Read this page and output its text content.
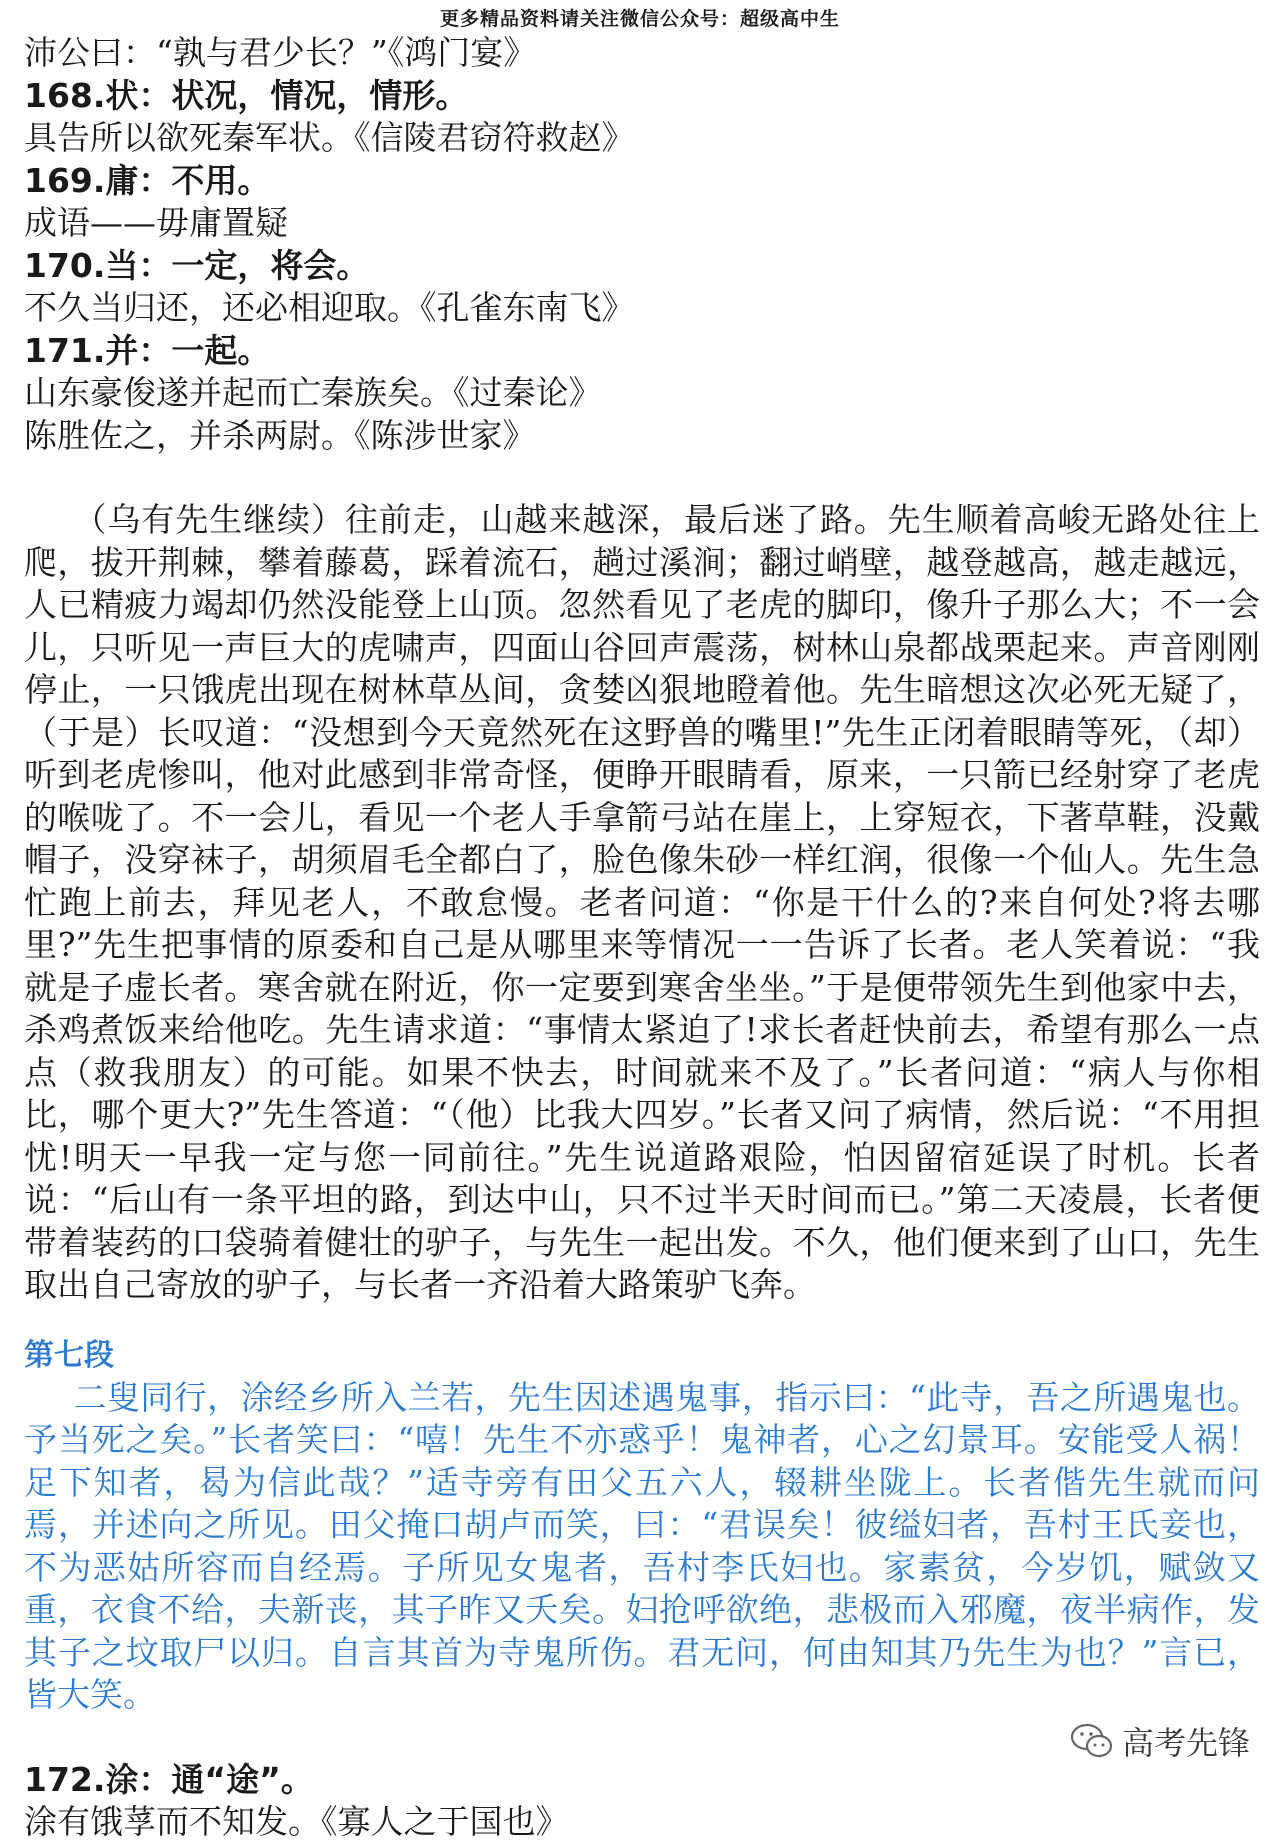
更多精品资料请关注微信公众号：超级高中生
沛公曰：“孰与君少长？”《鸿门宴》
168.状：状况，情况，情形。
具告所以欲死秦军状。《信陵君窃符救赵》
169.庸：不用。
成语——毋庸置疑
170.当：一定，将会。
不久当归还，还必相迎取。《孔雀东南飞》
171.并：一起。
山东豪俊遂并起而亡秦族矣。《过秦论》
陈胜佐之，并杀两尉。《陈涉世家》
（乌有先生继续）往前走，山越来越深，最后迷了路。先生顺着高峻无路处往上爬，拔开荆棘，攀着藤葛，踩着流石，趟过溪涧；翻过峭壁，越登越高，越走越远，人已精疲力竭却仍然没能登上山顶。忽然看见了老虎的脚印，像升子那么大；不一会儿，只听见一声巨大的虎啸声，四面山谷回声震荡，树林山泉都战栗起来。声音刚刚停止，一只饿虎出现在树林草丛间，贪婪凶狠地瞪着他。先生暗想这次必死无疑了，（于是）长叹道：“没想到今天竟然死在这野兽的嘴里!”先生正闭着眼睛等死，（却）听到老虎惨叫，他对此感到非常奇怪，便睁开眼睛看，原来，一只箭已经射穿了老虎的喉咙了。不一会儿，看见一个老人手拿箭弓站在崖上，上穿短衣，下著草鞋，没戴帽子，没穿袜子，胡须眉毛全都白了，脸色像朱砂一样红润，很像一个仙人。先生急忙跑上前去，拜见老人，不敢怠慢。老者问道：“你是干什么的?来自何处?将去哪里?”先生把事情的原委和自己是从哪里来等情况一一告诉了长者。老人笑着说：“我就是子虚长者。寒舍就在附近，你一定要到寒舍坐坐。”于是便带领先生到他家中去，杀鸡煮饭来给他吃。先生请求道：“事情太紧迫了!求长者赶快前去，希望有那么一点点（救我朋友）的可能。如果不快去，时间就来不及了。”长者问道：“病人与你相比，哪个更大?”先生答道：“（他）比我大四岁。”长者又问了病情，然后说：“不用担忧!明天一早我一定与您一同前往。”先生说道路艰险，怕因留宿延误了时机。长者说：“后山有一条平坦的路，到达中山，只不过半天时间而已。”第二天凌晨，长者便带着装药的口袋骑着健壮的驴子，与先生一起出发。不久，他们便来到了山口，先生取出自己寄放的驴子，与长者一齐沿着大路策驴飞奔。
第七段
二叟同行，涂经乡所入兰若，先生因述遇鬼事，指示曰：“此寺，吾之所遇鬼也。予当死之矣。”长者笑曰：“嘻！先生不亦惑乎！鬼神者，心之幻景耳。安能受人祸！足下知者，曷为信此哉？”适寺旁有田父五六人，辍耕坐陇上。长者偕先生就而问焉，并述向之所见。田父掩口胡卢而笑，曰：“君误矣！彼缢妇者，吾村王氏妾也，不为恶姑所容而自经焉。子所见女鬼者，吾村李氏妇也。家素贫，今岁饥，赋敛又重，衣食不给，夫新丧，其子昨又夭矣。妇抢呼欲绝，悲极而入邪魔，夜半病作，发其子之坟取尸以归。自言其首为寺鬼所伤。君无问，何由知其乃先生为也？”言已，皆大笑。
172.涂：通“途”。
涂有饿莩而不知发。《寡人之于国也》
高考先锋
